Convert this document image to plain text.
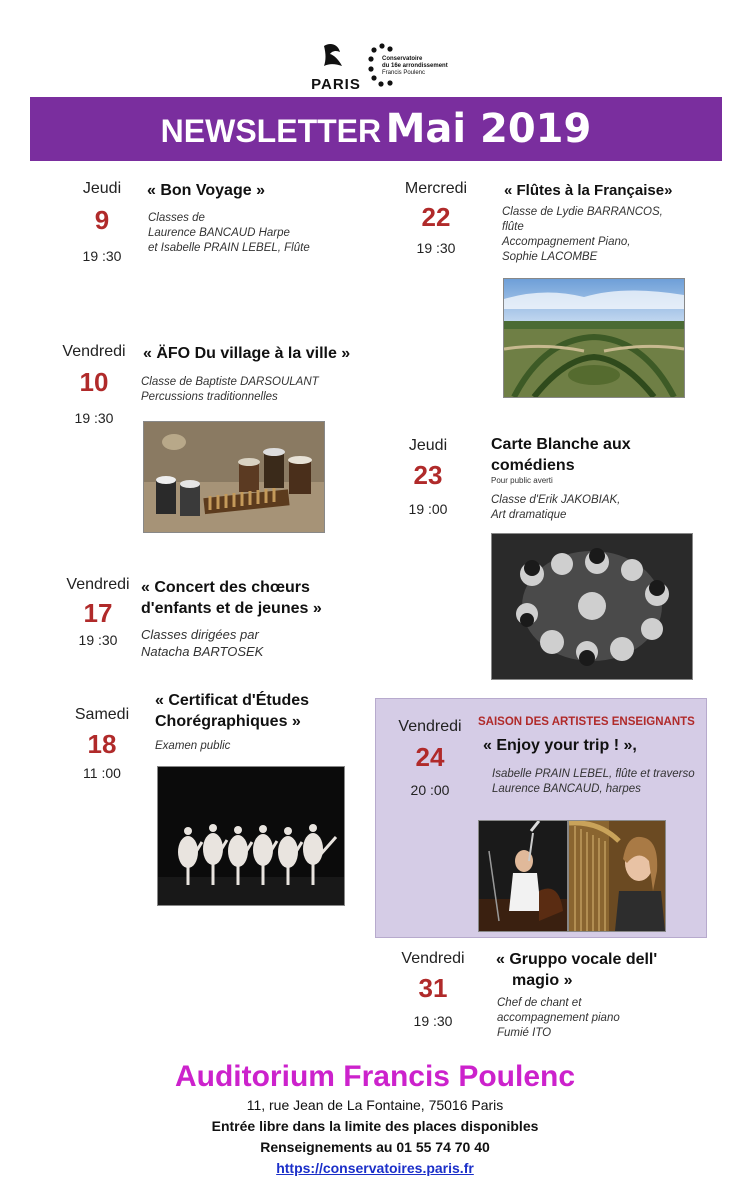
PARIS
Conservatoire
du 16e arrondissement
Francis Poulenc
NEWSLETTER Mai 2019
Jeudi
9
19 :30
« Bon Voyage »
Classes de
Laurence BANCAUD Harpe
et Isabelle PRAIN LEBEL, Flûte
Mercredi
22
19 :30
« Flûtes à la Française»
Classe de Lydie BARRANCOS,
flûte
Accompagnement Piano,
Sophie LACOMBE
Vendredi
10
19 :30
« ÄFO Du village à la ville »
Classe de Baptiste DARSOULANT
Percussions traditionnelles
Jeudi
23
19 :00
Carte Blanche aux
comédiens
Pour public averti
Classe d'Erik JAKOBIAK,
Art dramatique
Vendredi
17
19 :30
« Concert des chœurs
d'enfants et de jeunes »
Classes dirigées par
Natacha BARTOSEK
Vendredi
24
20 :00
SAISON DES ARTISTES ENSEIGNANTS
« Enjoy your trip ! »,
Isabelle PRAIN LEBEL, flûte et traverso
Laurence BANCAUD, harpes
Samedi
18
11 :00
« Certificat d'Études
Chorégraphiques »
Examen public
Vendredi
31
19 :30
« Gruppo vocale dell'
magio »
Chef de chant et
accompagnement piano
Fumié ITO
Auditorium Francis Poulenc
11, rue Jean de La Fontaine, 75016 Paris
Entrée libre dans la limite des places disponibles
Renseignements au 01 55 74 70 40
https://conservatoires.paris.fr
